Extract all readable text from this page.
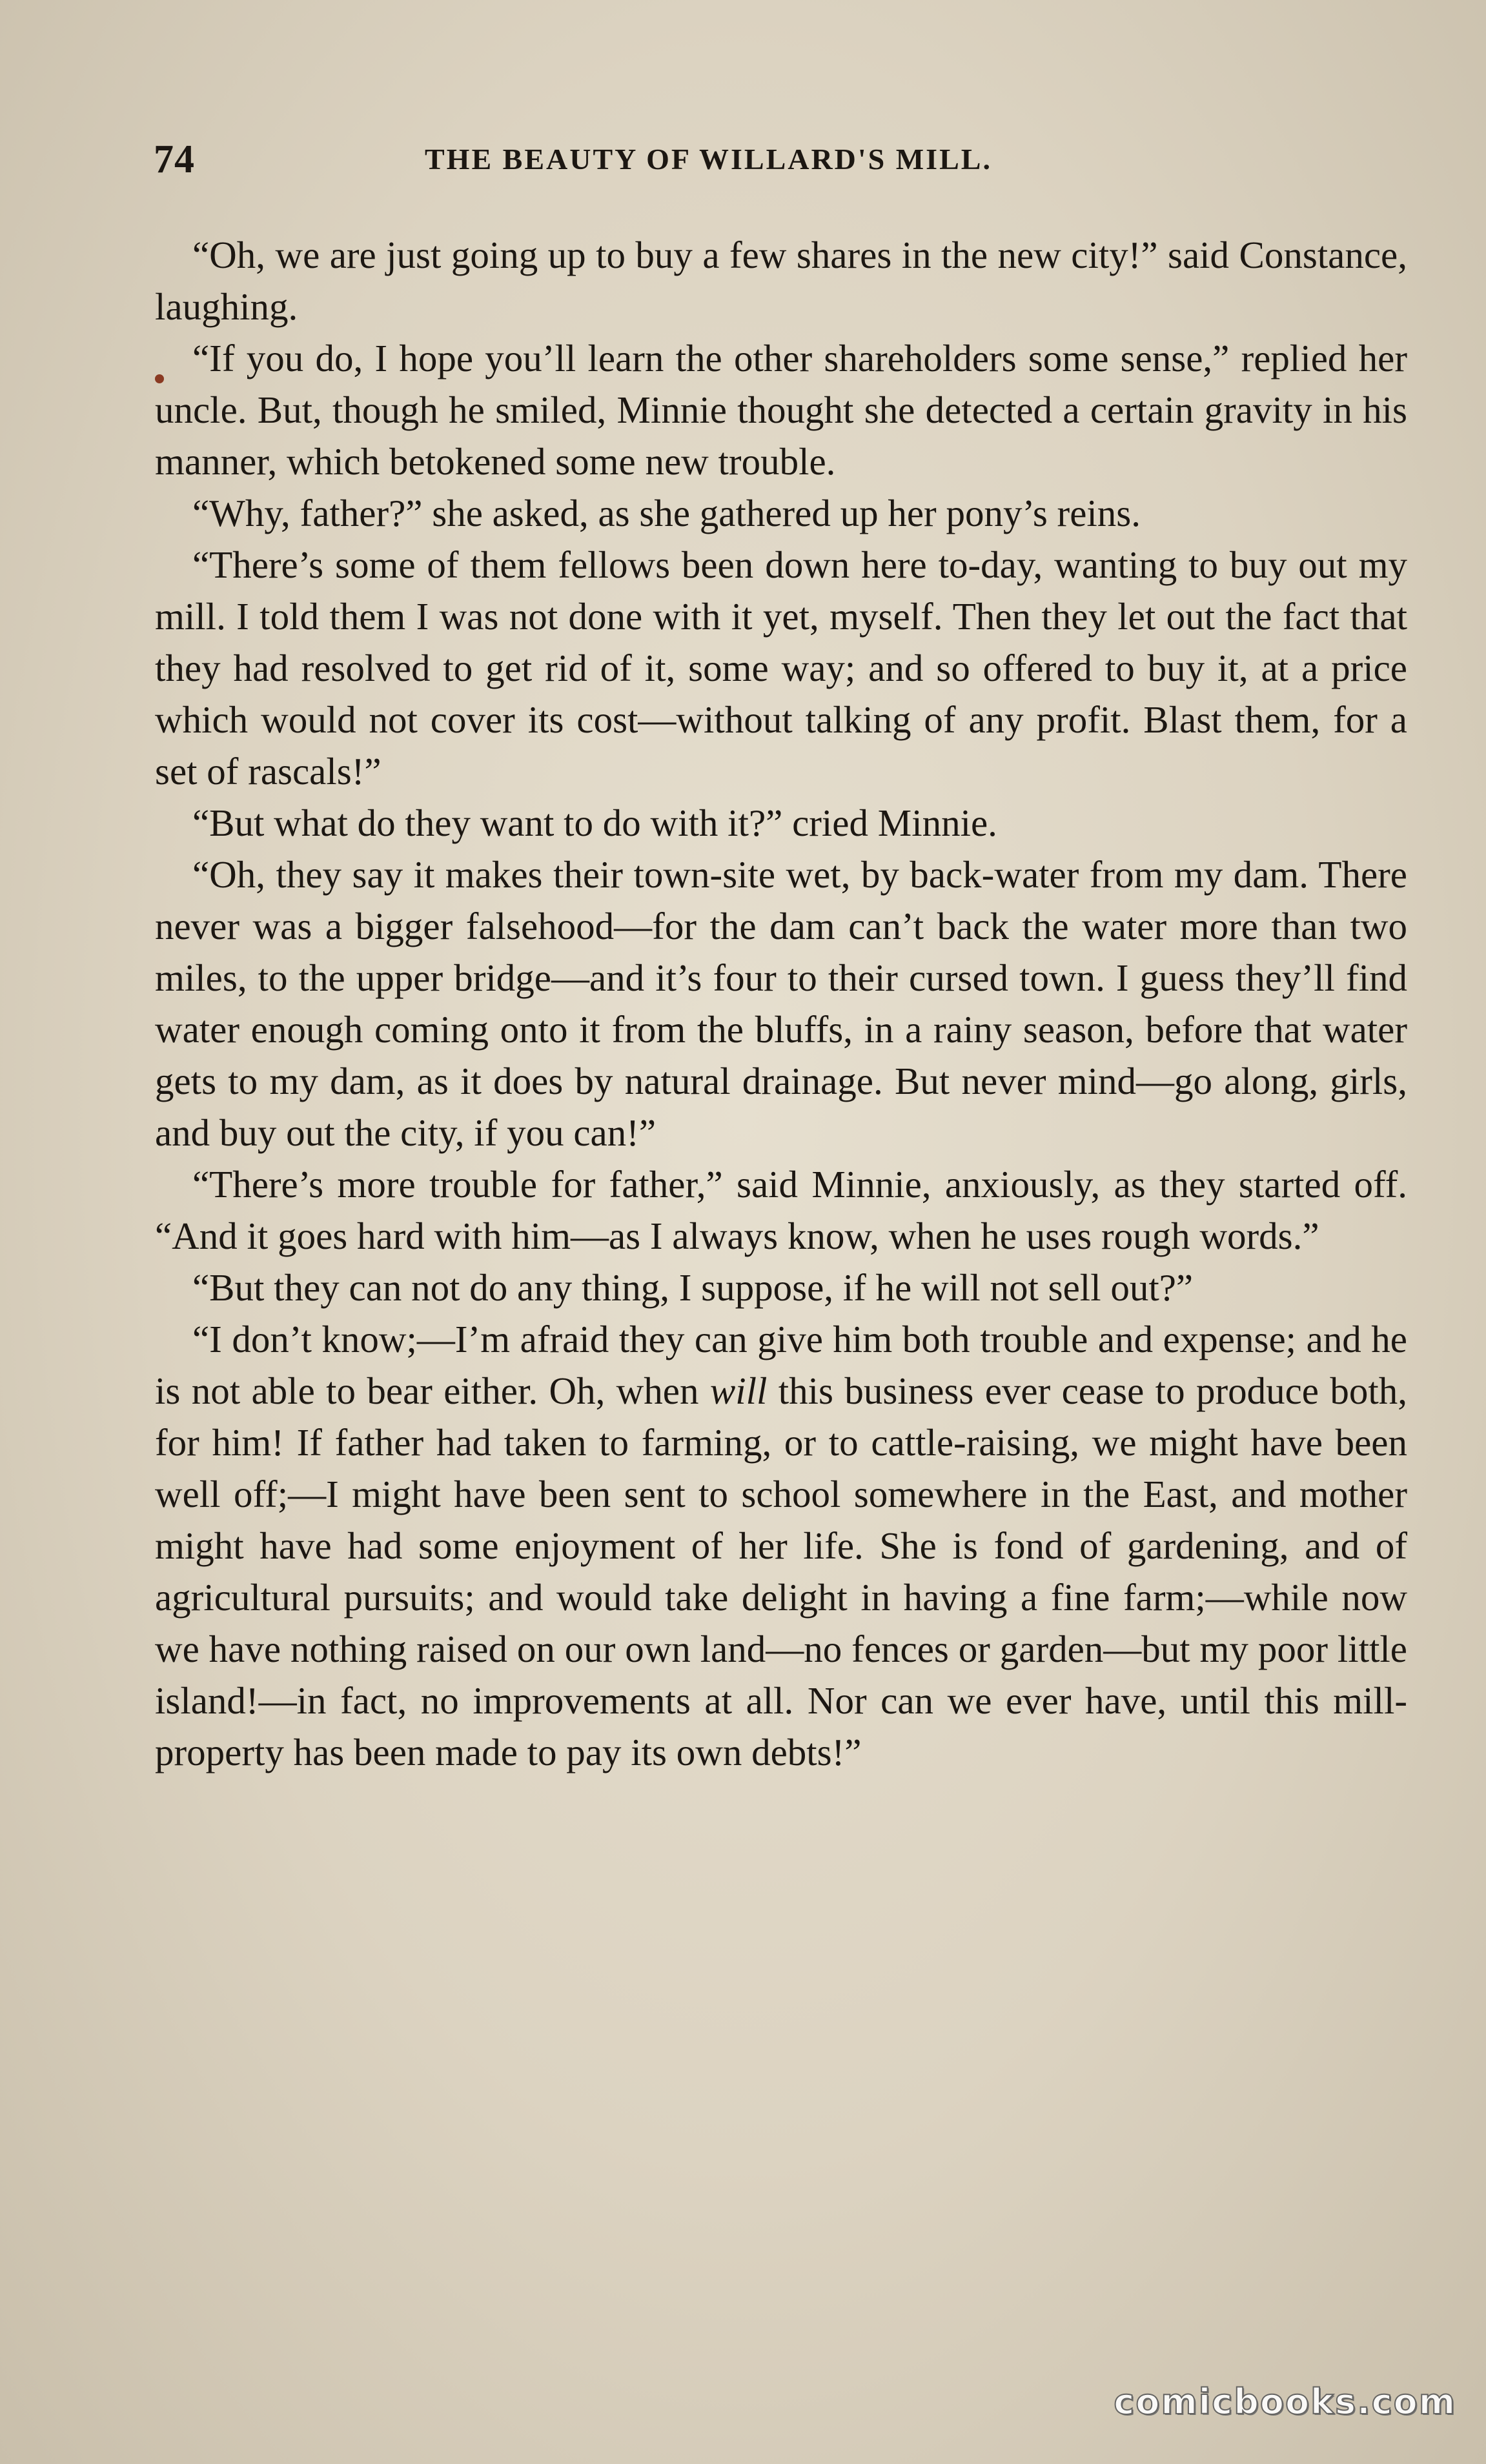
74	THE BEAUTY OF WILLARD'S MILL.

“Oh, we are just going up to buy a few shares in the new city!” said Constance, laughing.

“If you do, I hope you’ll learn the other shareholders some sense,” replied her uncle. But, though he smiled, Minnie thought she detected a certain gravity in his manner, which betokened some new trouble.

“Why, father?” she asked, as she gathered up her pony’s reins.

“There’s some of them fellows been down here to-day, wanting to buy out my mill. I told them I was not done with it yet, myself. Then they let out the fact that they had resolved to get rid of it, some way; and so offered to buy it, at a price which would not cover its cost—without talking of any profit. Blast them, for a set of rascals!”

“But what do they want to do with it?” cried Minnie.

“Oh, they say it makes their town-site wet, by back-water from my dam. There never was a bigger falsehood—for the dam can’t back the water more than two miles, to the upper bridge—and it’s four to their cursed town. I guess they’ll find water enough coming onto it from the bluffs, in a rainy season, before that water gets to my dam, as it does by natural drainage. But never mind—go along, girls, and buy out the city, if you can!”

“There’s more trouble for father,” said Minnie, anxiously, as they started off. “And it goes hard with him—as I always know, when he uses rough words.”

“But they can not do any thing, I suppose, if he will not sell out?”

“I don’t know;—I’m afraid they can give him both trouble and expense; and he is not able to bear either. Oh, when will this business ever cease to produce both, for him! If father had taken to farming, or to cattle-raising, we might have been well off;—I might have been sent to school somewhere in the East, and mother might have had some enjoyment of her life. She is fond of gardening, and of agricultural pursuits; and would take delight in having a fine farm;—while now we have nothing raised on our own land—no fences or garden—but my poor little island!—in fact, no improvements at all. Nor can we ever have, until this mill-property has been made to pay its own debts!”

comicbooks.com
